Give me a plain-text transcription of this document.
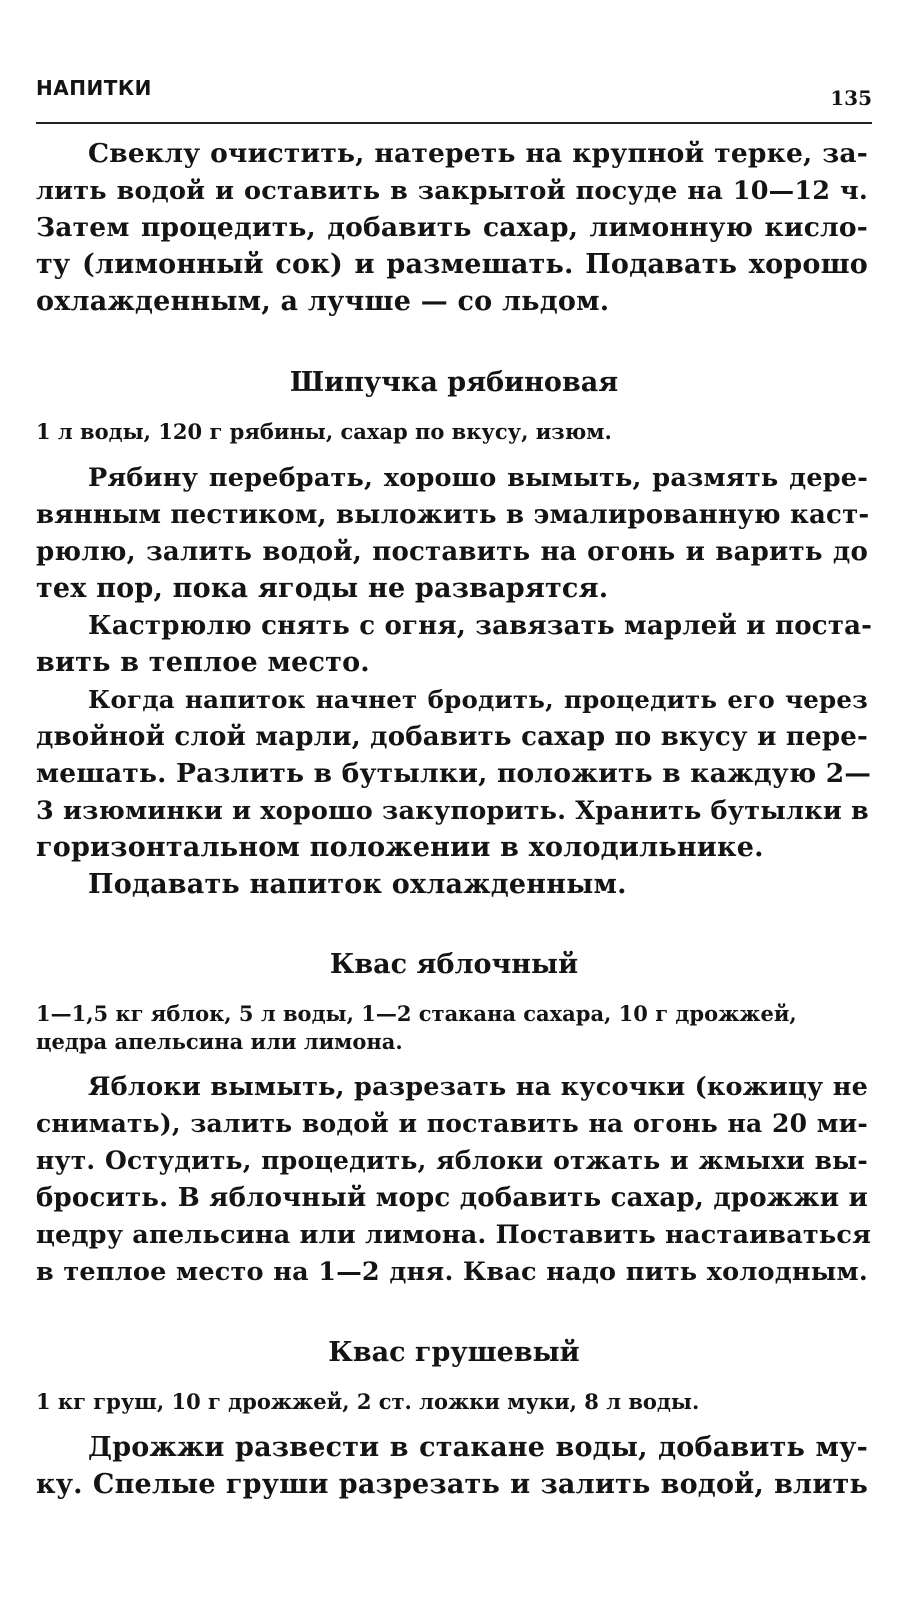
НАПИТКИ	135
Свеклу очистить, натереть на крупной терке, за-
лить водой и оставить в закрытой посуде на 10—12 ч.
Затем процедить, добавить сахар, лимонную кисло-
ту (лимонный сок) и размешать. Подавать хорошо
охлажденным, а лучше — со льдом.
Шипучка рябиновая
1 л воды, 120 г рябины, сахар по вкусу, изюм.
Рябину перебрать, хорошо вымыть, размять дере-
вянным пестиком, выложить в эмалированную каст-
рюлю, залить водой, поставить на огонь и варить до
тех пор, пока ягоды не разварятся.
Кастрюлю снять с огня, завязать марлей и поста-
вить в теплое место.
Когда напиток начнет бродить, процедить его через
двойной слой марли, добавить сахар по вкусу и пере-
мешать. Разлить в бутылки, положить в каждую 2—
3 изюминки и хорошо закупорить. Хранить бутылки в
горизонтальном положении в холодильнике.
Подавать напиток охлажденным.
Квас яблочный
1—1,5 кг яблок, 5 л воды, 1—2 стакана сахара, 10 г дрожжей,
цедра апельсина или лимона.
Яблоки вымыть, разрезать на кусочки (кожицу не
снимать), залить водой и поставить на огонь на 20 ми-
нут. Остудить, процедить, яблоки отжать и жмыхи вы-
бросить. В яблочный морс добавить сахар, дрожжи и
цедру апельсина или лимона. Поставить настаиваться
в теплое место на 1—2 дня. Квас надо пить холодным.
Квас грушевый
1 кг груш, 10 г дрожжей, 2 ст. ложки муки, 8 л воды.
Дрожжи развести в стакане воды, добавить му-
ку. Спелые груши разрезать и залить водой, влить
